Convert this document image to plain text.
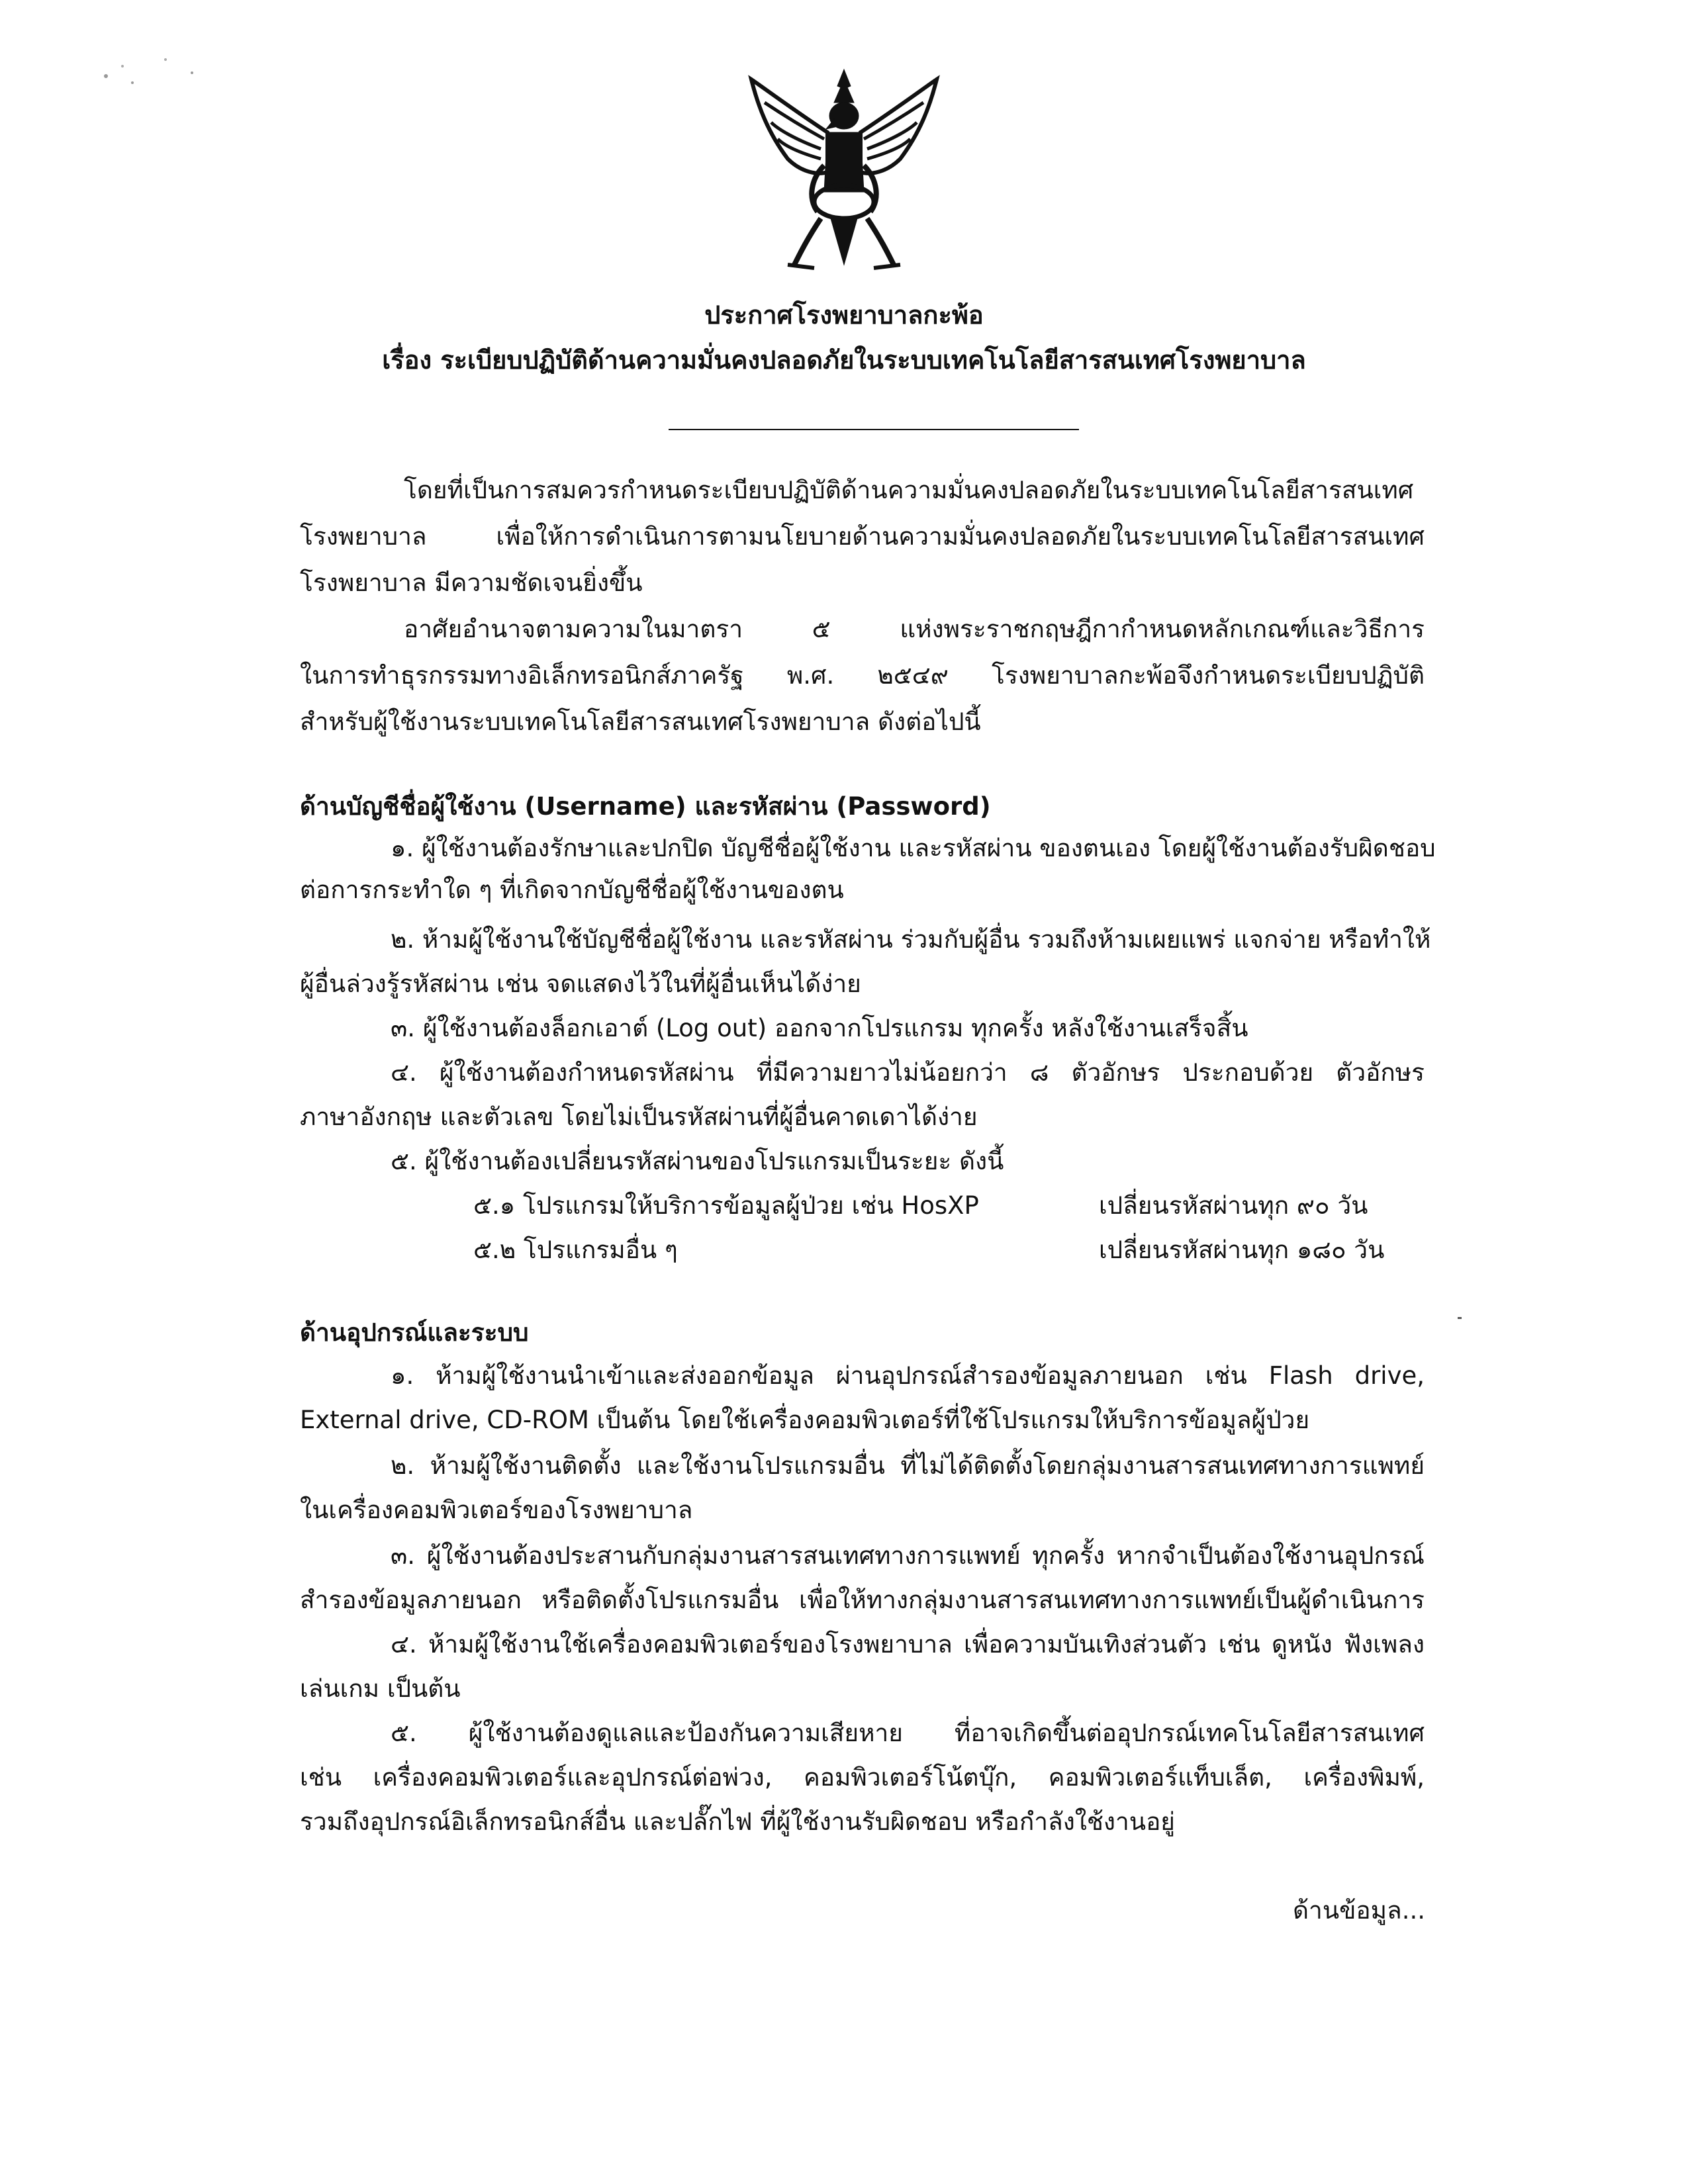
ประกาศโรงพยาบาลกะพ้อ
เรื่อง ระเบียบปฏิบัติด้านความมั่นคงปลอดภัยในระบบเทคโนโลยีสารสนเทศโรงพยาบาล
โดยที่เป็นการสมควรกำหนดระเบียบปฏิบัติด้านความมั่นคงปลอดภัยในระบบเทคโนโลยีสารสนเทศ
โรงพยาบาล เพื่อให้การดำเนินการตามนโยบายด้านความมั่นคงปลอดภัยในระบบเทคโนโลยีสารสนเทศ
โรงพยาบาล มีความชัดเจนยิ่งขึ้น
อาศัยอำนาจตามความในมาตรา ๕ แห่งพระราชกฤษฎีกากำหนดหลักเกณฑ์และวิธีการ
ในการทำธุรกรรมทางอิเล็กทรอนิกส์ภาครัฐ พ.ศ. ๒๕๔๙ โรงพยาบาลกะพ้อจึงกำหนดระเบียบปฏิบัติ
สำหรับผู้ใช้งานระบบเทคโนโลยีสารสนเทศโรงพยาบาล ดังต่อไปนี้
ด้านบัญชีชื่อผู้ใช้งาน (Username) และรหัสผ่าน (Password)
๑. ผู้ใช้งานต้องรักษาและปกปิด บัญชีชื่อผู้ใช้งาน และรหัสผ่าน ของตนเอง โดยผู้ใช้งานต้องรับผิดชอบ
ต่อการกระทำใด ๆ ที่เกิดจากบัญชีชื่อผู้ใช้งานของตน
๒. ห้ามผู้ใช้งานใช้บัญชีชื่อผู้ใช้งาน และรหัสผ่าน ร่วมกับผู้อื่น รวมถึงห้ามเผยแพร่ แจกจ่าย หรือทำให้
ผู้อื่นล่วงรู้รหัสผ่าน เช่น จดแสดงไว้ในที่ผู้อื่นเห็นได้ง่าย
๓. ผู้ใช้งานต้องล็อกเอาต์ (Log out) ออกจากโปรแกรม ทุกครั้ง หลังใช้งานเสร็จสิ้น
๔. ผู้ใช้งานต้องกำหนดรหัสผ่าน ที่มีความยาวไม่น้อยกว่า ๘ ตัวอักษร ประกอบด้วย ตัวอักษร
ภาษาอังกฤษ และตัวเลข โดยไม่เป็นรหัสผ่านที่ผู้อื่นคาดเดาได้ง่าย
๕. ผู้ใช้งานต้องเปลี่ยนรหัสผ่านของโปรแกรมเป็นระยะ ดังนี้
๕.๑ โปรแกรมให้บริการข้อมูลผู้ป่วย เช่น HosXP	เปลี่ยนรหัสผ่านทุก ๙๐ วัน
๕.๒ โปรแกรมอื่น ๆ	เปลี่ยนรหัสผ่านทุก ๑๘๐ วัน
ด้านอุปกรณ์และระบบ
๑. ห้ามผู้ใช้งานนำเข้าและส่งออกข้อมูล ผ่านอุปกรณ์สำรองข้อมูลภายนอก เช่น Flash drive,
External drive, CD-ROM เป็นต้น โดยใช้เครื่องคอมพิวเตอร์ที่ใช้โปรแกรมให้บริการข้อมูลผู้ป่วย
๒. ห้ามผู้ใช้งานติดตั้ง และใช้งานโปรแกรมอื่น ที่ไม่ได้ติดตั้งโดยกลุ่มงานสารสนเทศทางการแพทย์
ในเครื่องคอมพิวเตอร์ของโรงพยาบาล
๓. ผู้ใช้งานต้องประสานกับกลุ่มงานสารสนเทศทางการแพทย์ ทุกครั้ง หากจำเป็นต้องใช้งานอุปกรณ์
สำรองข้อมูลภายนอก หรือติดตั้งโปรแกรมอื่น เพื่อให้ทางกลุ่มงานสารสนเทศทางการแพทย์เป็นผู้ดำเนินการ
๔. ห้ามผู้ใช้งานใช้เครื่องคอมพิวเตอร์ของโรงพยาบาล เพื่อความบันเทิงส่วนตัว เช่น ดูหนัง ฟังเพลง
เล่นเกม เป็นต้น
๕. ผู้ใช้งานต้องดูแลและป้องกันความเสียหาย ที่อาจเกิดขึ้นต่ออุปกรณ์เทคโนโลยีสารสนเทศ
เช่น เครื่องคอมพิวเตอร์และอุปกรณ์ต่อพ่วง, คอมพิวเตอร์โน้ตบุ๊ก, คอมพิวเตอร์แท็บเล็ต, เครื่องพิมพ์,
รวมถึงอุปกรณ์อิเล็กทรอนิกส์อื่น และปลั๊กไฟ ที่ผู้ใช้งานรับผิดชอบ หรือกำลังใช้งานอยู่
ด้านข้อมูล...
